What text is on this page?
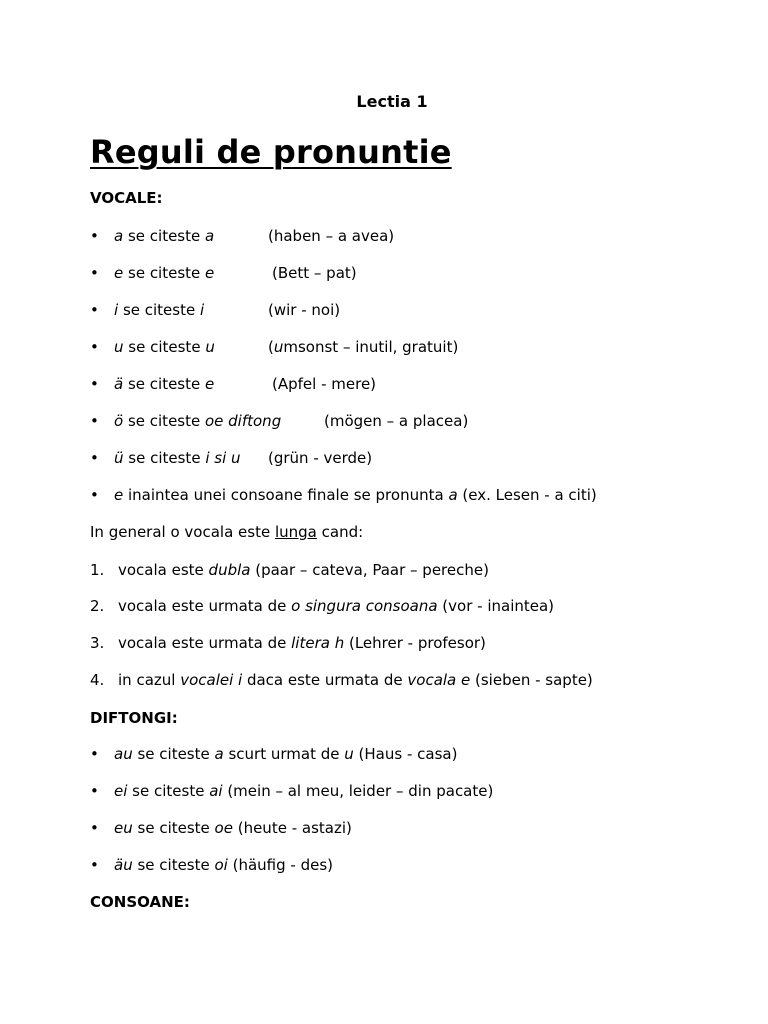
Lectia 1
Reguli de pronuntie
VOCALE:
• a se citeste a	(haben – a avea)
• e se citeste e	(Bett – pat)
• i se citeste i	(wir - noi)
• u se citeste u	(umsonst – inutil, gratuit)
• ä se citeste e	(Apfel - mere)
• ö se citeste oe diftong	(mögen – a placea)
• ü se citeste i si u (grün - verde)
• e inaintea unei consoane finale se pronunta a (ex. Lesen - a citi)
In general o vocala este lunga cand:
1. vocala este dubla (paar – cateva, Paar – pereche)
2. vocala este urmata de o singura consoana (vor - inaintea)
3. vocala este urmata de litera h (Lehrer - profesor)
4. in cazul vocalei i daca este urmata de vocala e (sieben - sapte)
DIFTONGI:
• au se citeste a scurt urmat de u (Haus - casa)
• ei se citeste ai (mein – al meu, leider – din pacate)
• eu se citeste oe (heute - astazi)
• äu se citeste oi (häufig - des)
CONSOANE:
